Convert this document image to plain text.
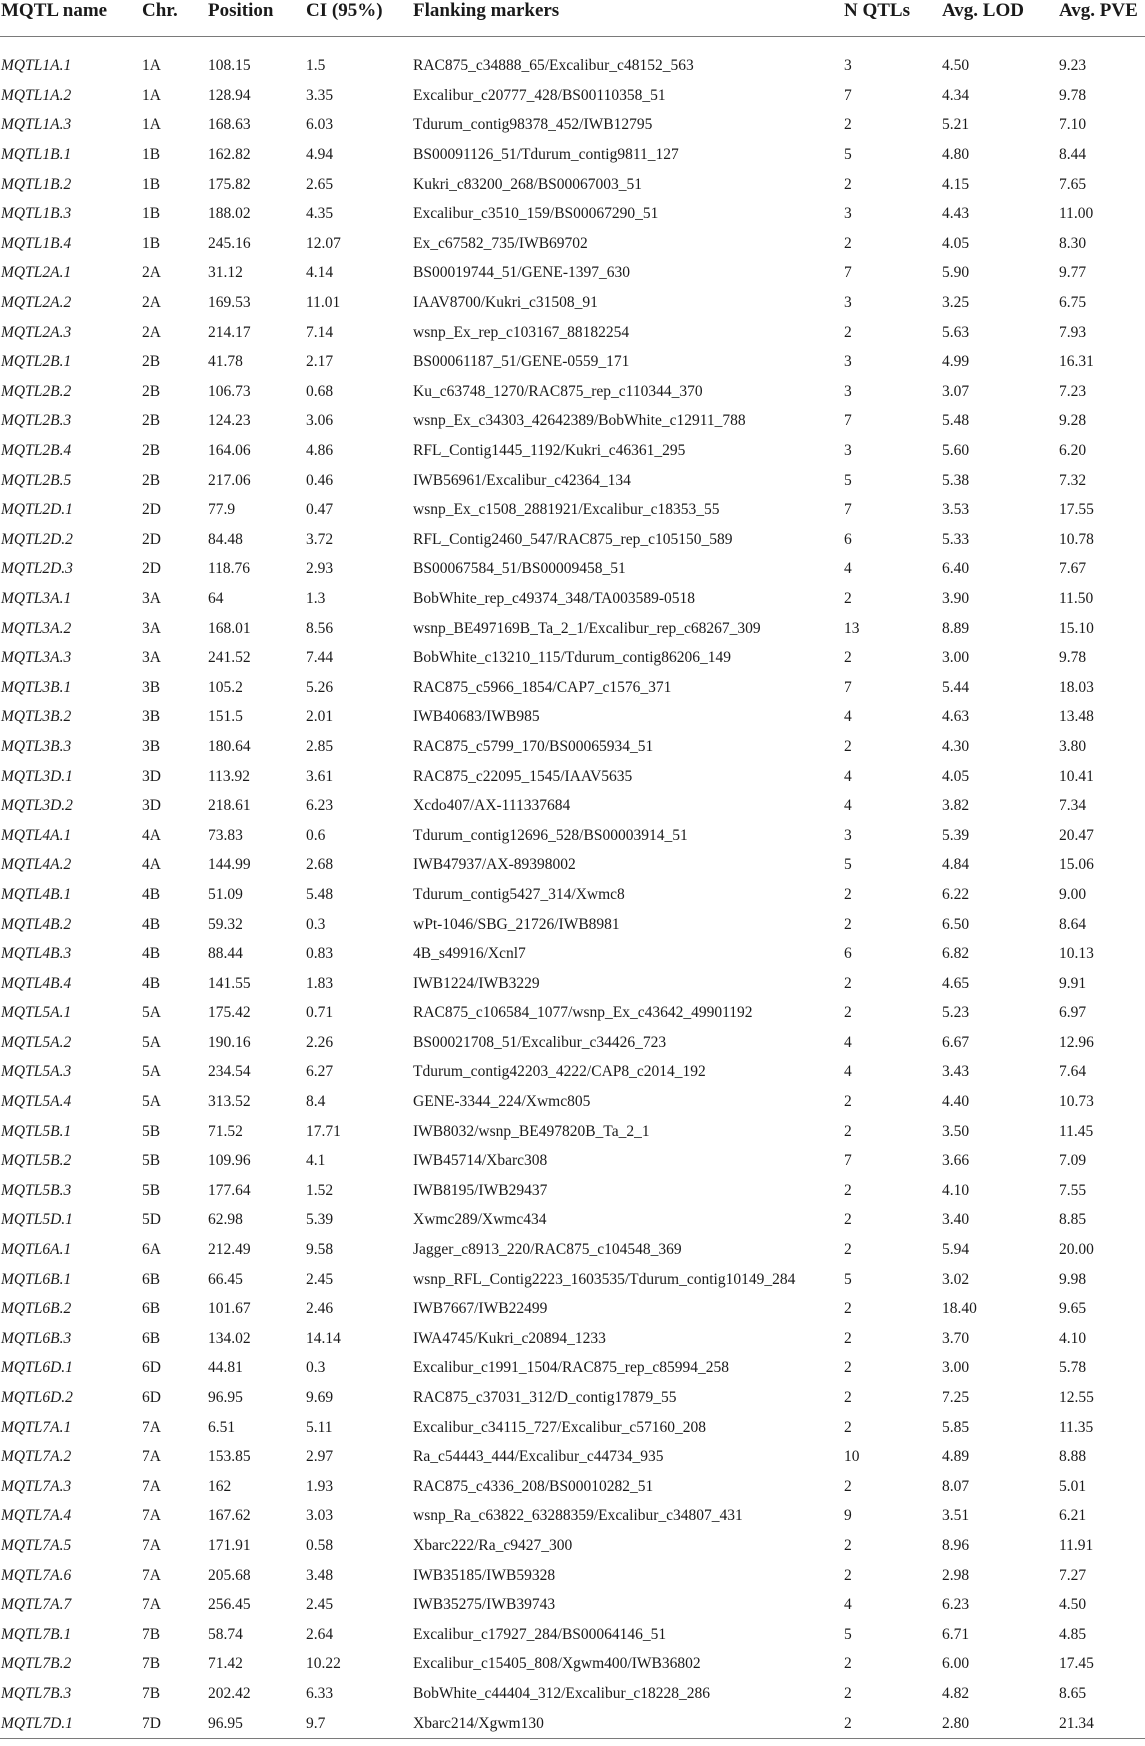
MQTL name	Chr.	Position	CI (95%)	Flanking markers	N QTLs	Avg. LOD	Avg. PVE
MQTL1A.1	1A	108.15	1.5	RAC875_c34888_65/Excalibur_c48152_563	3	4.50	9.23
MQTL1A.2	1A	128.94	3.35	Excalibur_c20777_428/BS00110358_51	7	4.34	9.78
MQTL1A.3	1A	168.63	6.03	Tdurum_contig98378_452/IWB12795	2	5.21	7.10
MQTL1B.1	1B	162.82	4.94	BS00091126_51/Tdurum_contig9811_127	5	4.80	8.44
MQTL1B.2	1B	175.82	2.65	Kukri_c83200_268/BS00067003_51	2	4.15	7.65
MQTL1B.3	1B	188.02	4.35	Excalibur_c3510_159/BS00067290_51	3	4.43	11.00
MQTL1B.4	1B	245.16	12.07	Ex_c67582_735/IWB69702	2	4.05	8.30
MQTL2A.1	2A	31.12	4.14	BS00019744_51/GENE-1397_630	7	5.90	9.77
MQTL2A.2	2A	169.53	11.01	IAAV8700/Kukri_c31508_91	3	3.25	6.75
MQTL2A.3	2A	214.17	7.14	wsnp_Ex_rep_c103167_88182254	2	5.63	7.93
MQTL2B.1	2B	41.78	2.17	BS00061187_51/GENE-0559_171	3	4.99	16.31
MQTL2B.2	2B	106.73	0.68	Ku_c63748_1270/RAC875_rep_c110344_370	3	3.07	7.23
MQTL2B.3	2B	124.23	3.06	wsnp_Ex_c34303_42642389/BobWhite_c12911_788	7	5.48	9.28
MQTL2B.4	2B	164.06	4.86	RFL_Contig1445_1192/Kukri_c46361_295	3	5.60	6.20
MQTL2B.5	2B	217.06	0.46	IWB56961/Excalibur_c42364_134	5	5.38	7.32
MQTL2D.1	2D	77.9	0.47	wsnp_Ex_c1508_2881921/Excalibur_c18353_55	7	3.53	17.55
MQTL2D.2	2D	84.48	3.72	RFL_Contig2460_547/RAC875_rep_c105150_589	6	5.33	10.78
MQTL2D.3	2D	118.76	2.93	BS00067584_51/BS00009458_51	4	6.40	7.67
MQTL3A.1	3A	64	1.3	BobWhite_rep_c49374_348/TA003589-0518	2	3.90	11.50
MQTL3A.2	3A	168.01	8.56	wsnp_BE497169B_Ta_2_1/Excalibur_rep_c68267_309	13	8.89	15.10
MQTL3A.3	3A	241.52	7.44	BobWhite_c13210_115/Tdurum_contig86206_149	2	3.00	9.78
MQTL3B.1	3B	105.2	5.26	RAC875_c5966_1854/CAP7_c1576_371	7	5.44	18.03
MQTL3B.2	3B	151.5	2.01	IWB40683/IWB985	4	4.63	13.48
MQTL3B.3	3B	180.64	2.85	RAC875_c5799_170/BS00065934_51	2	4.30	3.80
MQTL3D.1	3D	113.92	3.61	RAC875_c22095_1545/IAAV5635	4	4.05	10.41
MQTL3D.2	3D	218.61	6.23	Xcdo407/AX-111337684	4	3.82	7.34
MQTL4A.1	4A	73.83	0.6	Tdurum_contig12696_528/BS00003914_51	3	5.39	20.47
MQTL4A.2	4A	144.99	2.68	IWB47937/AX-89398002	5	4.84	15.06
MQTL4B.1	4B	51.09	5.48	Tdurum_contig5427_314/Xwmc8	2	6.22	9.00
MQTL4B.2	4B	59.32	0.3	wPt-1046/SBG_21726/IWB8981	2	6.50	8.64
MQTL4B.3	4B	88.44	0.83	4B_s49916/Xcnl7	6	6.82	10.13
MQTL4B.4	4B	141.55	1.83	IWB1224/IWB3229	2	4.65	9.91
MQTL5A.1	5A	175.42	0.71	RAC875_c106584_1077/wsnp_Ex_c43642_49901192	2	5.23	6.97
MQTL5A.2	5A	190.16	2.26	BS00021708_51/Excalibur_c34426_723	4	6.67	12.96
MQTL5A.3	5A	234.54	6.27	Tdurum_contig42203_4222/CAP8_c2014_192	4	3.43	7.64
MQTL5A.4	5A	313.52	8.4	GENE-3344_224/Xwmc805	2	4.40	10.73
MQTL5B.1	5B	71.52	17.71	IWB8032/wsnp_BE497820B_Ta_2_1	2	3.50	11.45
MQTL5B.2	5B	109.96	4.1	IWB45714/Xbarc308	7	3.66	7.09
MQTL5B.3	5B	177.64	1.52	IWB8195/IWB29437	2	4.10	7.55
MQTL5D.1	5D	62.98	5.39	Xwmc289/Xwmc434	2	3.40	8.85
MQTL6A.1	6A	212.49	9.58	Jagger_c8913_220/RAC875_c104548_369	2	5.94	20.00
MQTL6B.1	6B	66.45	2.45	wsnp_RFL_Contig2223_1603535/Tdurum_contig10149_284	5	3.02	9.98
MQTL6B.2	6B	101.67	2.46	IWB7667/IWB22499	2	18.40	9.65
MQTL6B.3	6B	134.02	14.14	IWA4745/Kukri_c20894_1233	2	3.70	4.10
MQTL6D.1	6D	44.81	0.3	Excalibur_c1991_1504/RAC875_rep_c85994_258	2	3.00	5.78
MQTL6D.2	6D	96.95	9.69	RAC875_c37031_312/D_contig17879_55	2	7.25	12.55
MQTL7A.1	7A	6.51	5.11	Excalibur_c34115_727/Excalibur_c57160_208	2	5.85	11.35
MQTL7A.2	7A	153.85	2.97	Ra_c54443_444/Excalibur_c44734_935	10	4.89	8.88
MQTL7A.3	7A	162	1.93	RAC875_c4336_208/BS00010282_51	2	8.07	5.01
MQTL7A.4	7A	167.62	3.03	wsnp_Ra_c63822_63288359/Excalibur_c34807_431	9	3.51	6.21
MQTL7A.5	7A	171.91	0.58	Xbarc222/Ra_c9427_300	2	8.96	11.91
MQTL7A.6	7A	205.68	3.48	IWB35185/IWB59328	2	2.98	7.27
MQTL7A.7	7A	256.45	2.45	IWB35275/IWB39743	4	6.23	4.50
MQTL7B.1	7B	58.74	2.64	Excalibur_c17927_284/BS00064146_51	5	6.71	4.85
MQTL7B.2	7B	71.42	10.22	Excalibur_c15405_808/Xgwm400/IWB36802	2	6.00	17.45
MQTL7B.3	7B	202.42	6.33	BobWhite_c44404_312/Excalibur_c18228_286	2	4.82	8.65
MQTL7D.1	7D	96.95	9.7	Xbarc214/Xgwm130	2	2.80	21.34
